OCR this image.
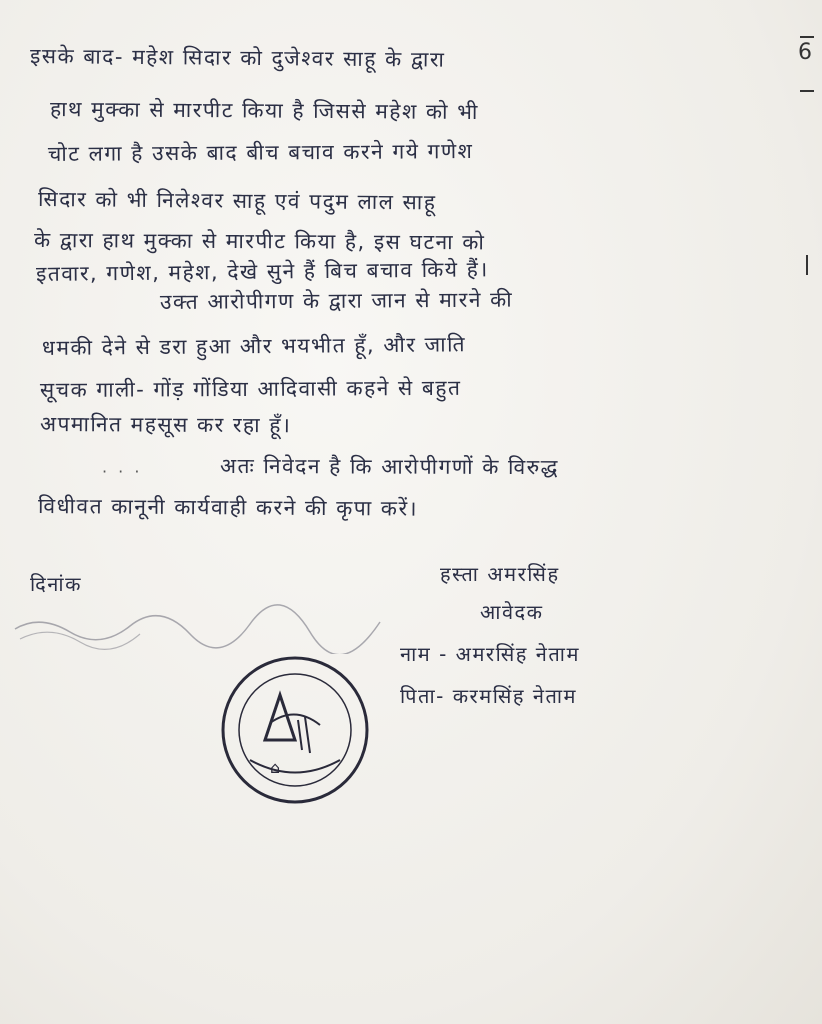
6
इसके बाद- महेश सिदार को दुजेश्वर साहू के द्वारा
हाथ मुक्का से मारपीट किया है जिससे महेश को भी
चोट लगा है उसके बाद बीच बचाव करने गये गणेश
सिदार को भी निलेश्वर साहू एवं पदुम लाल साहू
के द्वारा हाथ मुक्का से मारपीट किया है, इस घटना को
इतवार, गणेश, महेश, देखे सुने हैं बिच बचाव किये हैं।
उक्त आरोपीगण के द्वारा जान से मारने की
धमकी देने से डरा हुआ और भयभीत हूँ, और जाति
सूचक गाली- गोंड़ गोंडिया आदिवासी कहने से बहुत
अपमानित महसूस कर रहा हूँ।
अतः निवेदन है कि आरोपीगणों के विरुद्ध
विधीवत कानूनी कार्यवाही करने की कृपा करें।
· · ·
दिनांक	हस्ता अमरसिंह
आवेदक
नाम - अमरसिंह नेताम
पिता- करमसिंह नेताम
⌂
